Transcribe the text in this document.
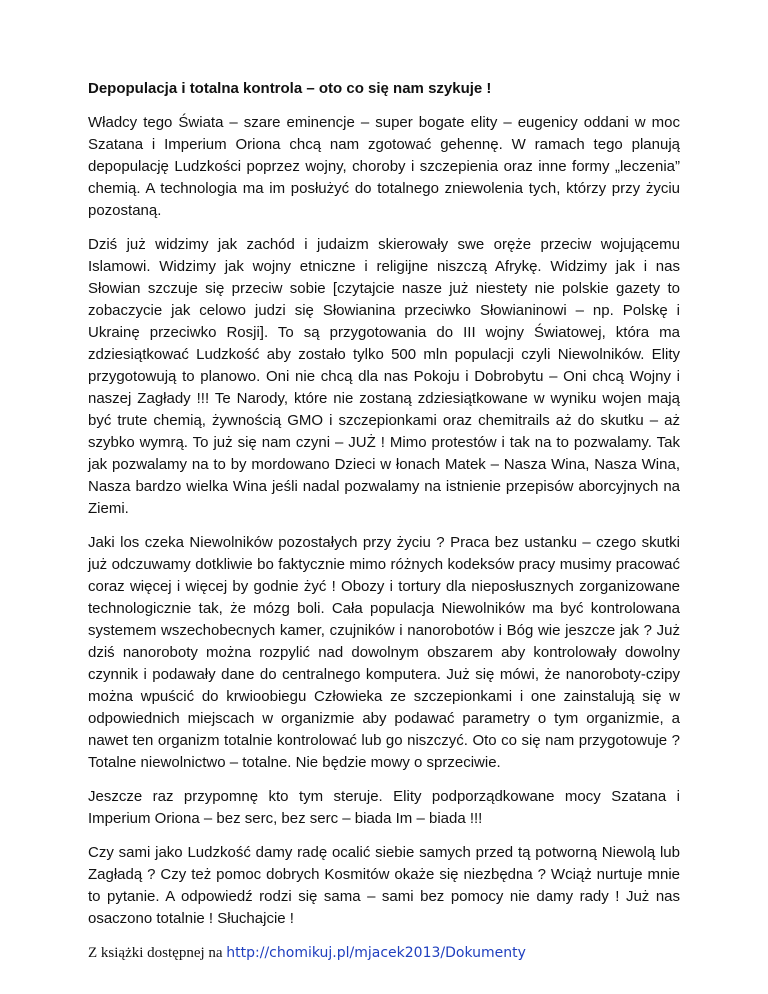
Depopulacja i totalna kontrola – oto co się nam szykuje !

Władcy tego Świata – szare eminencje – super bogate elity – eugenicy oddani w moc Szatana i Imperium Oriona chcą nam zgotować gehennę. W ramach tego planują depopulację Ludzkości poprzez wojny, choroby i szczepienia oraz inne formy „leczenia” chemią. A technologia ma im posłużyć do totalnego zniewolenia tych, którzy przy życiu pozostaną.

Dziś już widzimy jak zachód i judaizm skierowały swe oręże przeciw wojującemu Islamowi. Widzimy jak wojny etniczne i religijne niszczą Afrykę. Widzimy jak i nas Słowian szczuje się przeciw sobie [czytajcie nasze już niestety nie polskie gazety to zobaczycie jak celowo judzi się Słowianina przeciwko Słowianinowi – np. Polskę i Ukrainę przeciwko Rosji]. To są przygotowania do III wojny Światowej, która ma zdziesiątkować Ludzkość aby zostało tylko 500 mln populacji czyli Niewolników. Elity przygotowują to planowo. Oni nie chcą dla nas Pokoju i Dobrobytu – Oni chcą Wojny i naszej Zagłady !!! Te Narody, które nie zostaną zdziesiątkowane w wyniku wojen mają być trute chemią, żywnością GMO i szczepionkami oraz chemitrails aż do skutku – aż szybko wymrą. To już się nam czyni – JUŻ ! Mimo protestów i tak na to pozwalamy. Tak jak pozwalamy na to by mordowano Dzieci w łonach Matek – Nasza Wina, Nasza Wina, Nasza bardzo wielka Wina jeśli nadal pozwalamy na istnienie przepisów aborcyjnych na Ziemi.

Jaki los czeka Niewolników pozostałych przy życiu ? Praca bez ustanku – czego skutki już odczuwamy dotkliwie bo faktycznie mimo różnych kodeksów pracy musimy pracować coraz więcej i więcej by godnie żyć ! Obozy i tortury dla nieposłusznych zorganizowane technologicznie tak, że mózg boli. Cała populacja Niewolników ma być kontrolowana systemem wszechobecnych kamer, czujników i nanorobotów i Bóg wie jeszcze jak ? Już dziś nanoroboty można rozpylić nad dowolnym obszarem aby kontrolowały dowolny czynnik i podawały dane do centralnego komputera. Już się mówi, że nanoroboty-czipy można wpuścić do krwioobiegu Człowieka ze szczepionkami i one zainstalują się w odpowiednich miejscach w organizmie aby podawać parametry o tym organizmie, a nawet ten organizm totalnie kontrolować lub go niszczyć. Oto co się nam przygotowuje ? Totalne niewolnictwo – totalne. Nie będzie mowy o sprzeciwie.

Jeszcze raz przypomnę kto tym steruje. Elity podporządkowane mocy Szatana i Imperium Oriona – bez serc, bez serc – biada Im – biada !!!

Czy sami jako Ludzkość damy radę ocalić siebie samych przed tą potworną Niewolą lub Zagładą ? Czy też pomoc dobrych Kosmitów okaże się niezbędna ? Wciąż nurtuje mnie to pytanie. A odpowiedź rodzi się sama – sami bez pomocy nie damy rady ! Już nas osaczono totalnie ! Słuchajcie !

Z książki dostępnej na http://chomikuj.pl/mjacek2013/Dokumenty
